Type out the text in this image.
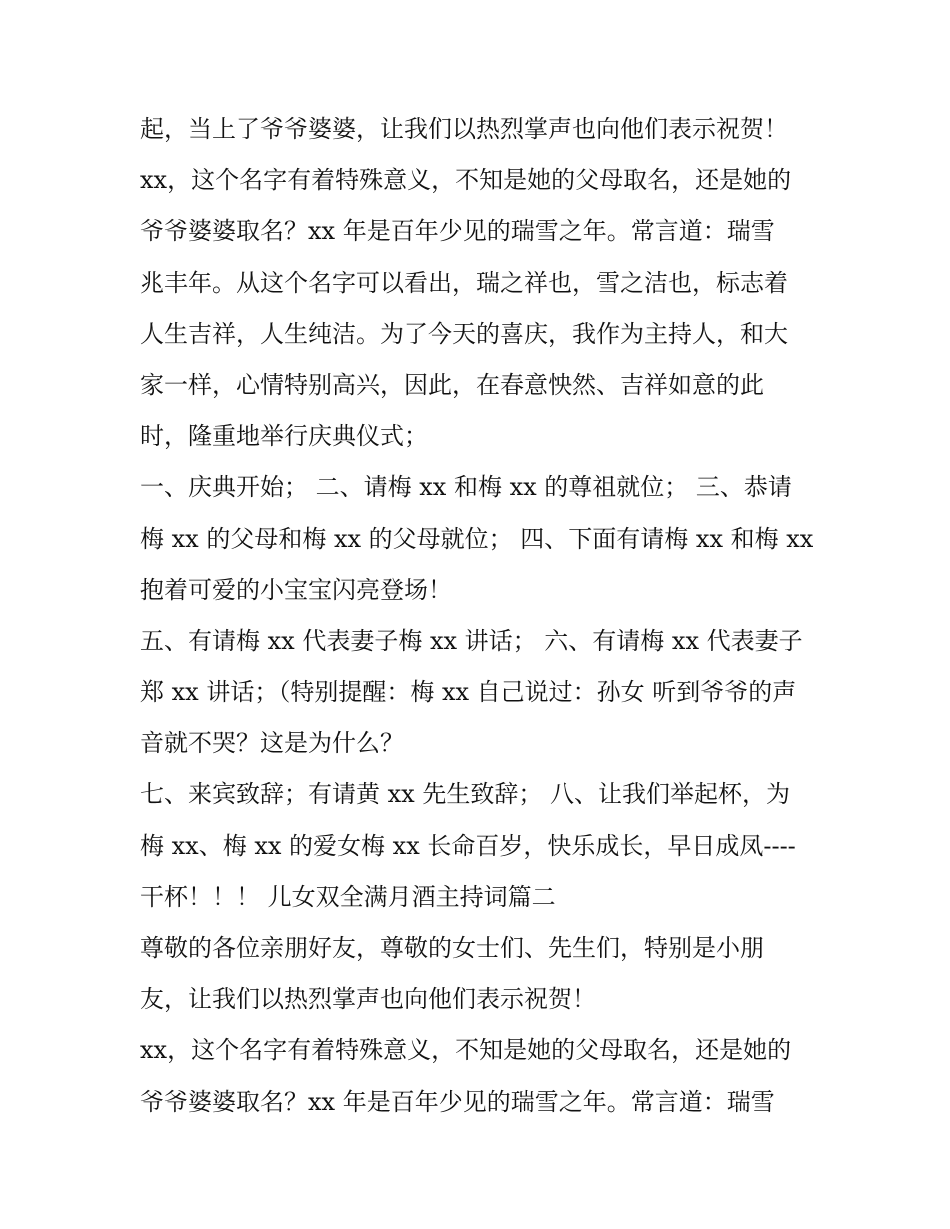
起，当上了爷爷婆婆，让我们以热烈掌声也向他们表示祝贺！
xx，这个名字有着特殊意义，不知是她的父母取名，还是她的
爷爷婆婆取名？xx 年是百年少见的瑞雪之年。常言道：瑞雪
兆丰年。从这个名字可以看出，瑞之祥也，雪之洁也，标志着
人生吉祥，人生纯洁。为了今天的喜庆，我作为主持人，和大
家一样，心情特别高兴，因此，在春意怏然、吉祥如意的此
时，隆重地举行庆典仪式；
一、庆典开始； 二、请梅 xx 和梅 xx 的尊祖就位； 三、恭请
梅 xx 的父母和梅 xx 的父母就位； 四、下面有请梅 xx 和梅 xx
抱着可爱的小宝宝闪亮登场！
五、有请梅 xx 代表妻子梅 xx 讲话； 六、有请梅 xx 代表妻子
郑 xx 讲话；（特别提醒：梅 xx 自己说过：孙女 听到爷爷的声
音就不哭？这是为什么？
七、来宾致辞；有请黄 xx 先生致辞； 八、让我们举起杯，为
梅 xx、梅 xx 的爱女梅 xx 长命百岁，快乐成长，早日成凤----
干杯！！！ 儿女双全满月酒主持词篇二
尊敬的各位亲朋好友，尊敬的女士们、先生们，特别是小朋
友，让我们以热烈掌声也向他们表示祝贺！
xx，这个名字有着特殊意义，不知是她的父母取名，还是她的
爷爷婆婆取名？xx 年是百年少见的瑞雪之年。常言道：瑞雪
